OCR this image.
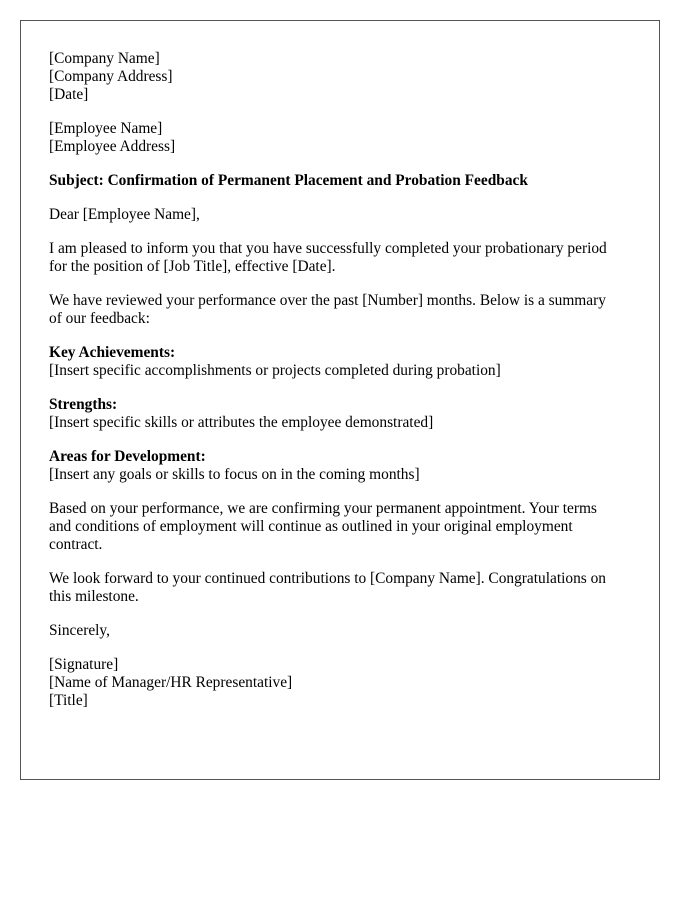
[Company Name]
[Company Address]
[Date]
[Employee Name]
[Employee Address]
Subject: Confirmation of Permanent Placement and Probation Feedback
Dear [Employee Name],
I am pleased to inform you that you have successfully completed your probationary period
for the position of [Job Title], effective [Date].
We have reviewed your performance over the past [Number] months. Below is a summary
of our feedback:
Key Achievements:
[Insert specific accomplishments or projects completed during probation]
Strengths:
[Insert specific skills or attributes the employee demonstrated]
Areas for Development:
[Insert any goals or skills to focus on in the coming months]
Based on your performance, we are confirming your permanent appointment. Your terms
and conditions of employment will continue as outlined in your original employment
contract.
We look forward to your continued contributions to [Company Name]. Congratulations on
this milestone.
Sincerely,
[Signature]
[Name of Manager/HR Representative]
[Title]
